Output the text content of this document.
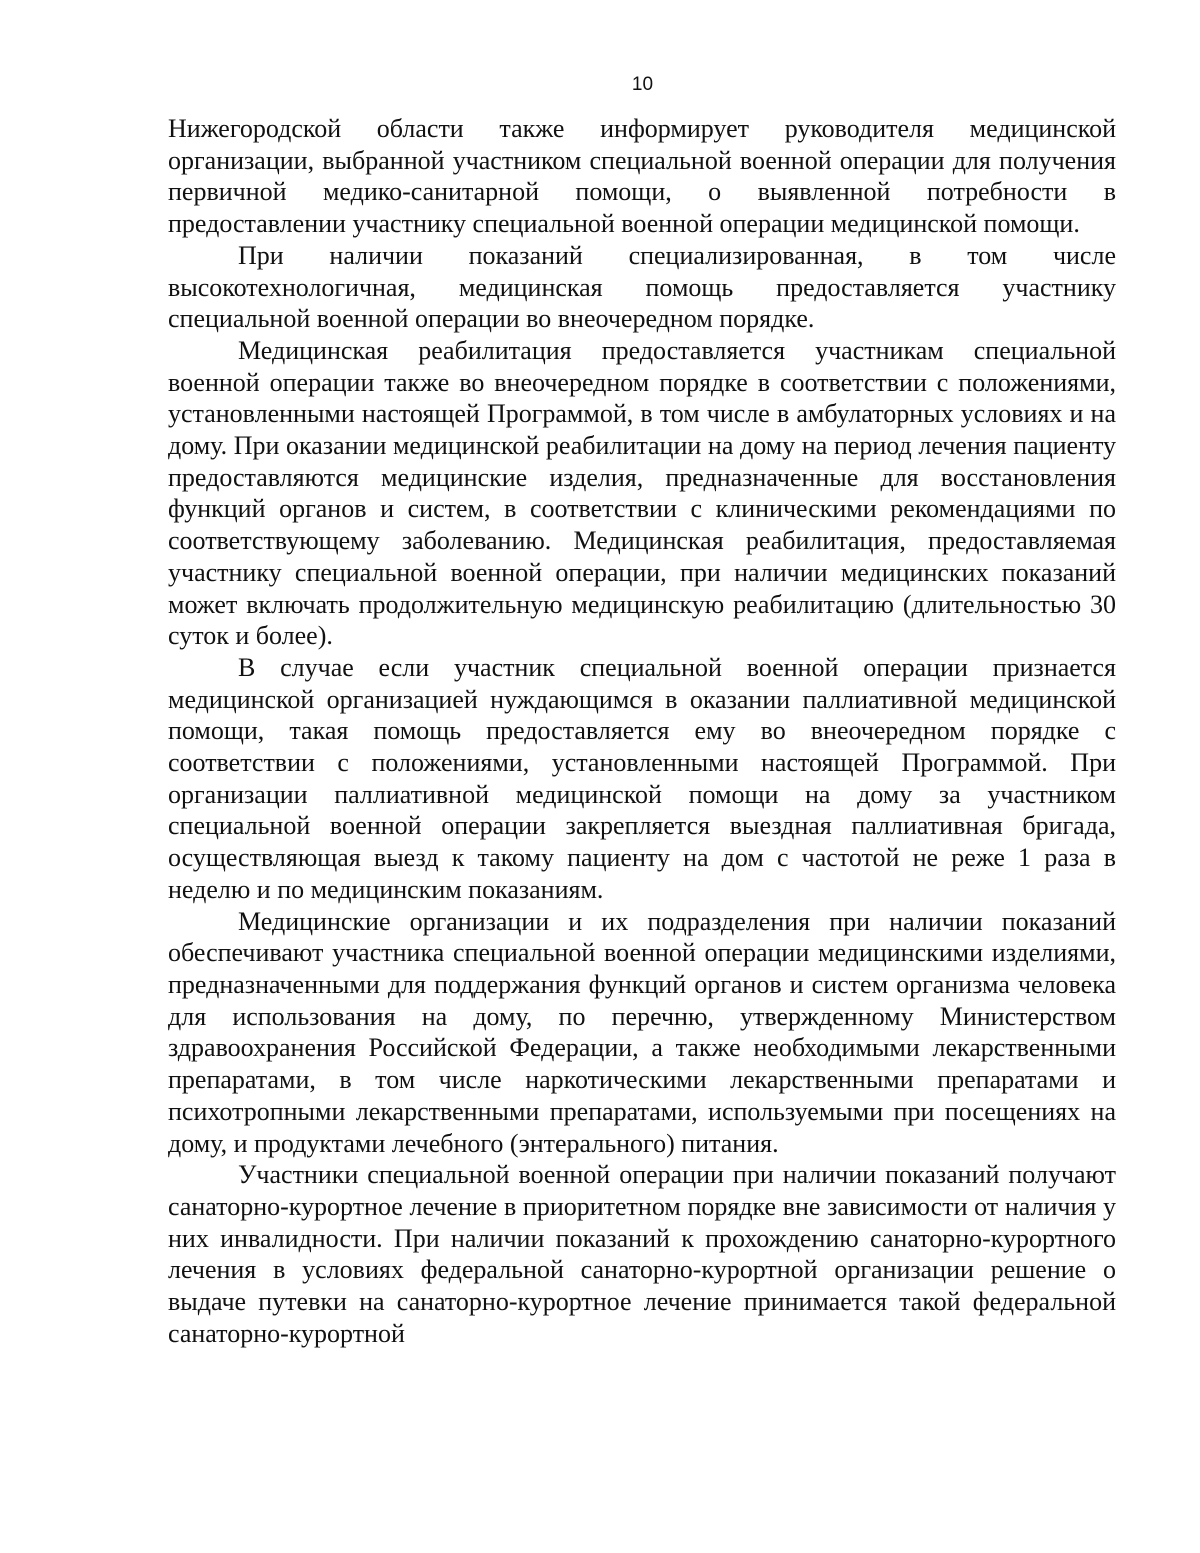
10

Нижегородской области также информирует руководителя медицинской организации, выбранной участником специальной военной операции для получения первичной медико-санитарной помощи, о выявленной потребности в предоставлении участнику специальной военной операции медицинской помощи.

При наличии показаний специализированная, в том числе высокотехнологичная, медицинская помощь предоставляется участнику специальной военной операции во внеочередном порядке.

Медицинская реабилитация предоставляется участникам специальной военной операции также во внеочередном порядке в соответствии с положениями, установленными настоящей Программой, в том числе в амбулаторных условиях и на дому. При оказании медицинской реабилитации на дому на период лечения пациенту предоставляются медицинские изделия, предназначенные для восстановления функций органов и систем, в соответствии с клиническими рекомендациями по соответствующему заболеванию. Медицинская реабилитация, предоставляемая участнику специальной военной операции, при наличии медицинских показаний может включать продолжительную медицинскую реабилитацию (длительностью 30 суток и более).

В случае если участник специальной военной операции признается медицинской организацией нуждающимся в оказании паллиативной медицинской помощи, такая помощь предоставляется ему во внеочередном порядке с соответствии с положениями, установленными настоящей Программой. При организации паллиативной медицинской помощи на дому за участником специальной военной операции закрепляется выездная паллиативная бригада, осуществляющая выезд к такому пациенту на дом с частотой не реже 1 раза в неделю и по медицинским показаниям.

Медицинские организации и их подразделения при наличии показаний обеспечивают участника специальной военной операции медицинскими изделиями, предназначенными для поддержания функций органов и систем организма человека для использования на дому, по перечню, утвержденному Министерством здравоохранения Российской Федерации, а также необходимыми лекарственными препаратами, в том числе наркотическими лекарственными препаратами и психотропными лекарственными препаратами, используемыми при посещениях на дому, и продуктами лечебного (энтерального) питания.

Участники специальной военной операции при наличии показаний получают санаторно-курортное лечение в приоритетном порядке вне зависимости от наличия у них инвалидности. При наличии показаний к прохождению санаторно-курортного лечения в условиях федеральной санаторно-курортной организации решение о выдаче путевки на санаторно-курортное лечение принимается такой федеральной санаторно-курортной
